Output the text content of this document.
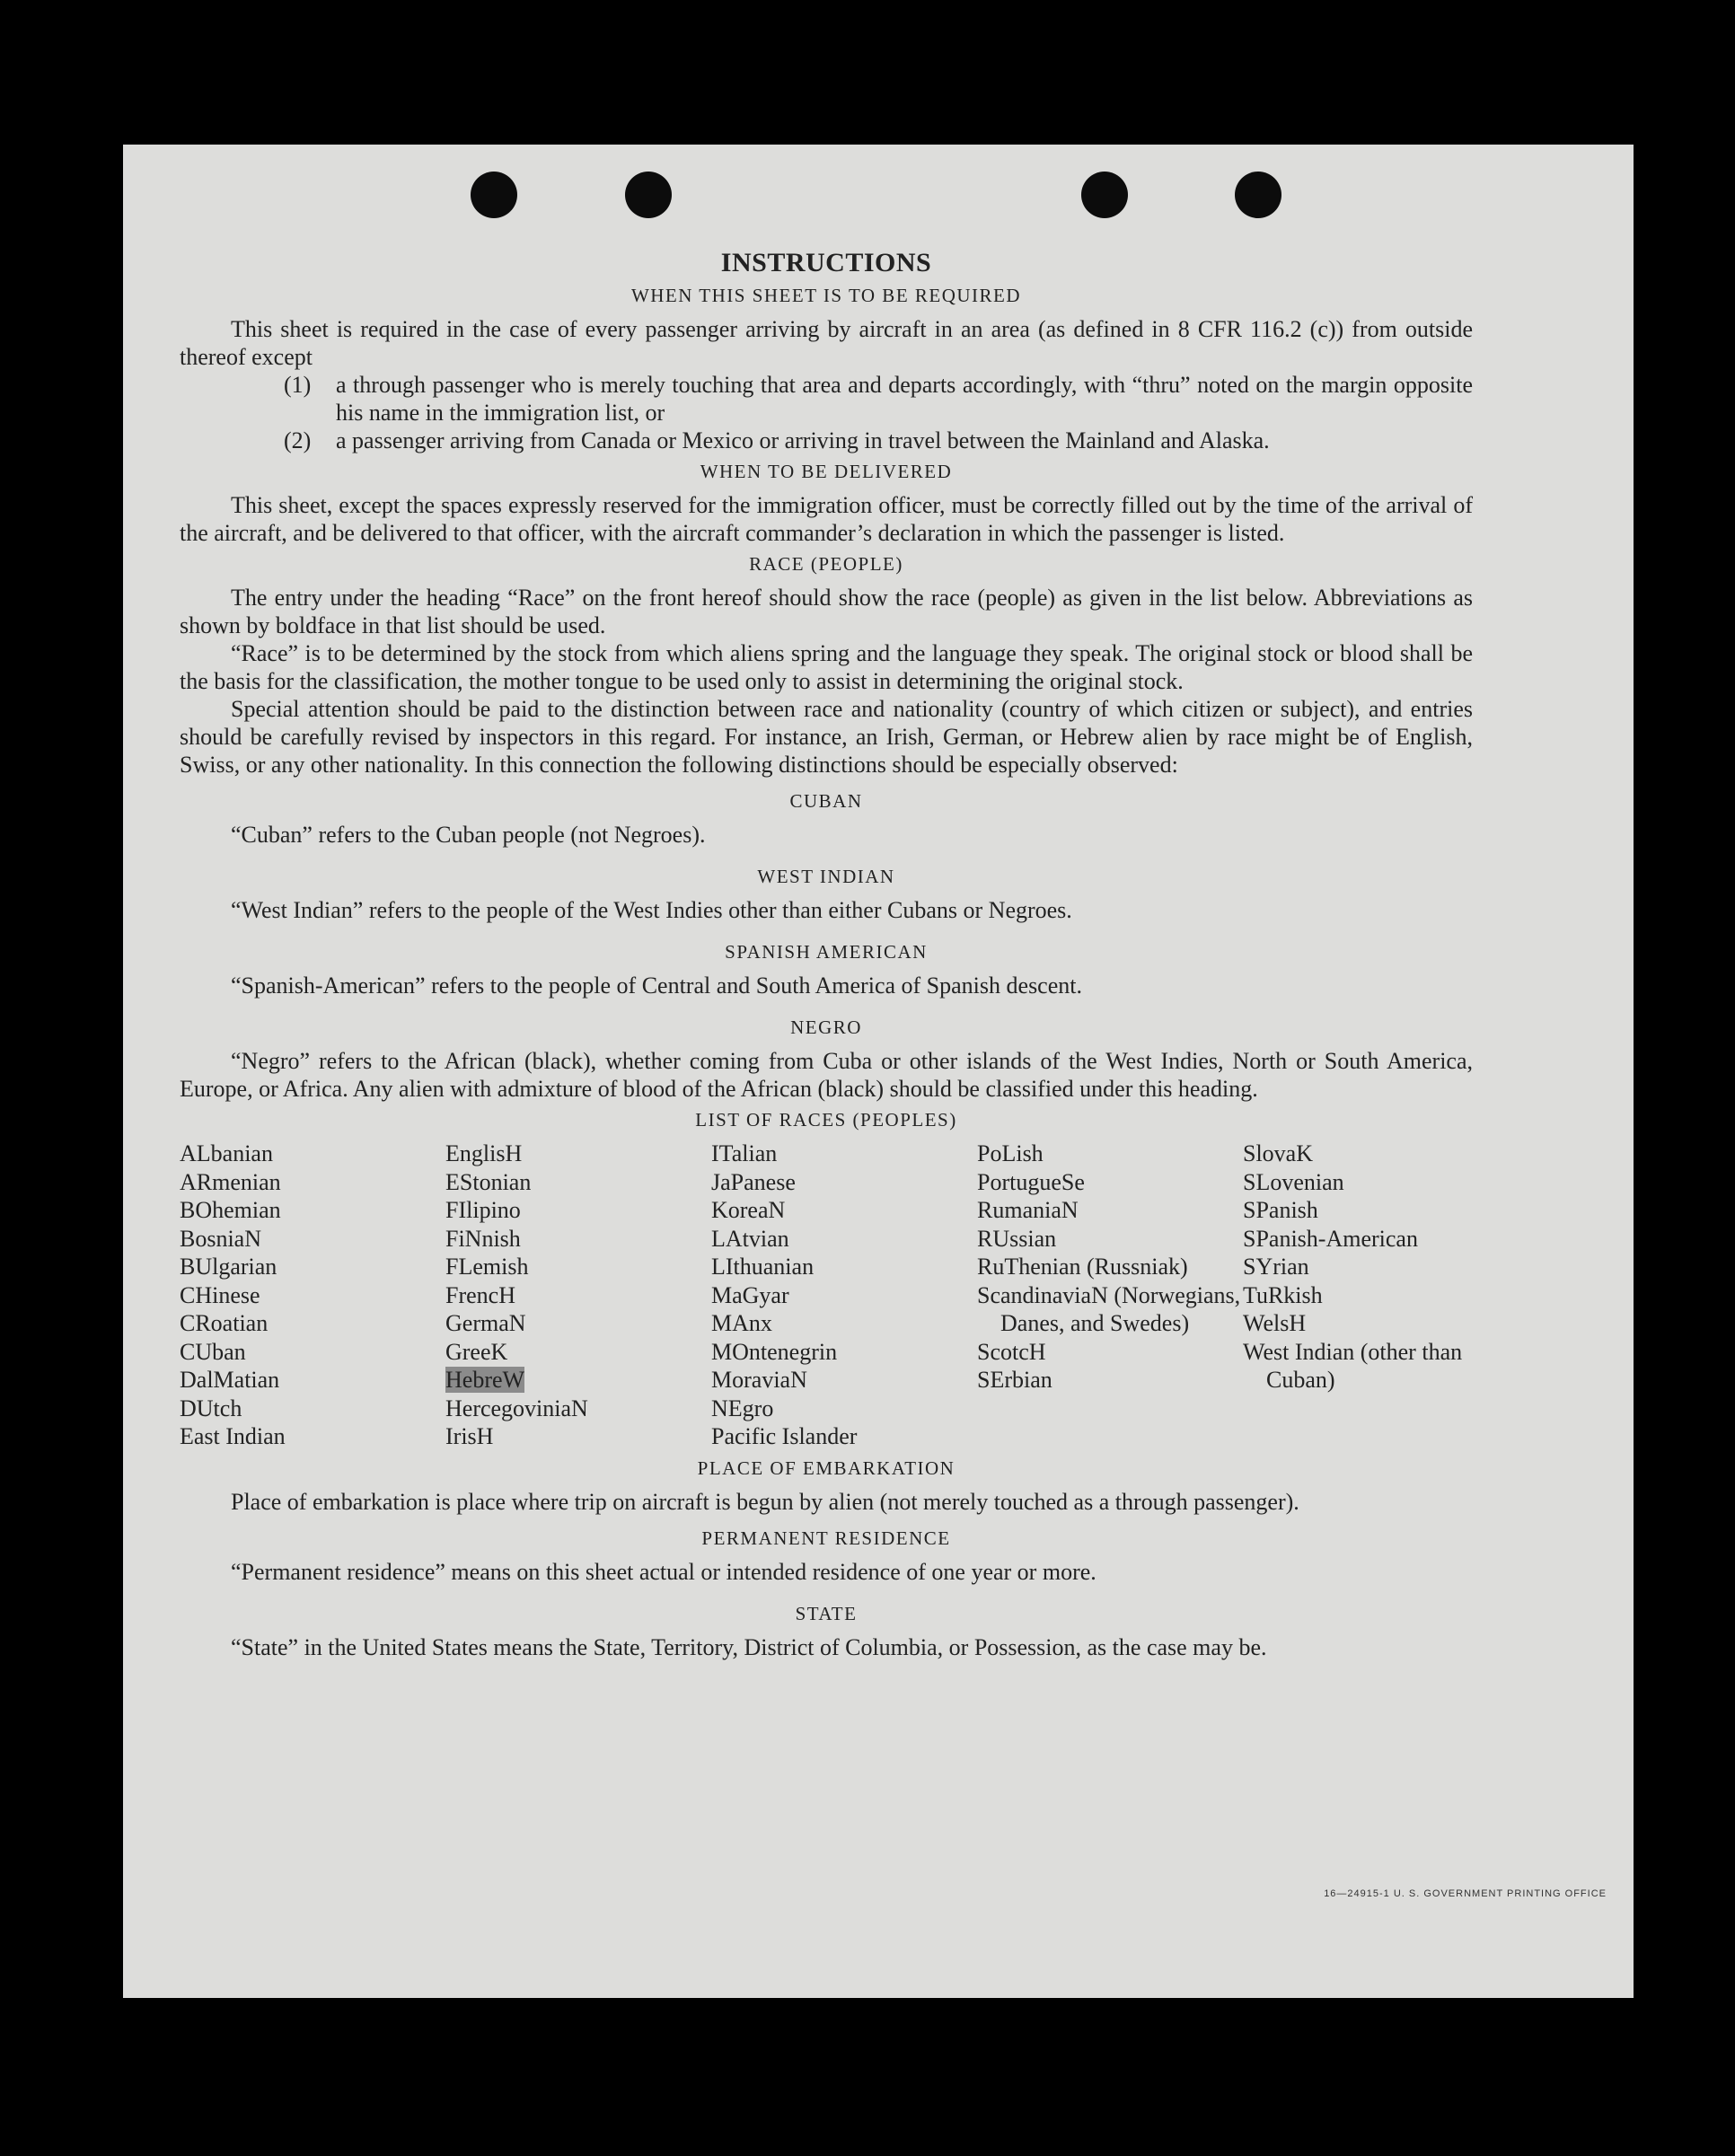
INSTRUCTIONS
WHEN THIS SHEET IS TO BE REQUIRED

This sheet is required in the case of every passenger arriving by aircraft in an area (as defined in 8 CFR 116.2 (c)) from outside thereof except

(1)	a through passenger who is merely touching that area and departs accordingly, with “thru” noted on the margin opposite his name in the immigration list, or
(2)	a passenger arriving from Canada or Mexico or arriving in travel between the Mainland and Alaska.
WHEN TO BE DELIVERED

This sheet, except the spaces expressly reserved for the immigration officer, must be correctly filled out by the time of the arrival of the aircraft, and be delivered to that officer, with the aircraft commander’s declaration in which the passenger is listed.

RACE (PEOPLE)

The entry under the heading “Race” on the front hereof should show the race (people) as given in the list below. Abbreviations as shown by boldface in that list should be used.

“Race” is to be determined by the stock from which aliens spring and the language they speak. The original stock or blood shall be the basis for the classification, the mother tongue to be used only to assist in determining the original stock.

Special attention should be paid to the distinction between race and nationality (country of which citizen or subject), and entries should be carefully revised by inspectors in this regard. For instance, an Irish, German, or Hebrew alien by race might be of English, Swiss, or any other nationality. In this connection the following distinctions should be especially observed:

CUBAN

“Cuban” refers to the Cuban people (not Negroes).

WEST INDIAN

“West Indian” refers to the people of the West Indies other than either Cubans or Negroes.

SPANISH AMERICAN

“Spanish-American” refers to the people of Central and South America of Spanish descent.

NEGRO

“Negro” refers to the African (black), whether coming from Cuba or other islands of the West Indies, North or South America, Europe, or Africa. Any alien with admixture of blood of the African (black) should be classified under this heading.

LIST OF RACES (PEOPLES)
ALbanian
ARmenian
BOhemian
BosniaN
BUlgarian
CHinese
CRoatian
CUban
DalMatian
DUtch
East Indian
EnglisH
EStonian
FIlipino
FiNnish
FLemish
FrencH
GermaN
GreeK
HebreW
HercegoviniaN
IrisH
ITalian
JaPanese
KoreaN
LAtvian
LIthuanian
MaGyar
MAnx
MOntenegrin
MoraviaN
NEgro
Pacific Islander
PoLish
PortugueSe
RumaniaN
RUssian
RuThenian (Russniak)
ScandinaviaN (Norwegians, Danes, and Swedes)
ScotcH
SErbian
SlovaK
SLovenian
SPanish
SPanish-American
SYrian
TuRkish
WelsH
West Indian (other than Cuban)
PLACE OF EMBARKATION

Place of embarkation is place where trip on aircraft is begun by alien (not merely touched as a through passenger).

PERMANENT RESIDENCE

“Permanent residence” means on this sheet actual or intended residence of one year or more.

STATE

“State” in the United States means the State, Territory, District of Columbia, or Possession, as the case may be.

16—24915-1 U. S. GOVERNMENT PRINTING OFFICE
